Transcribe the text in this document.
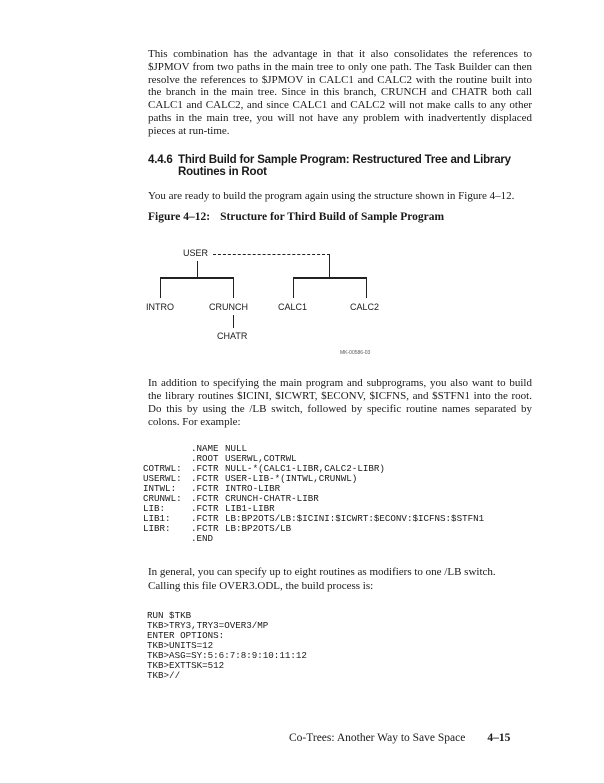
This combination has the advantage in that it also consolidates the references to $JPMOV from two paths in the main tree to only one path. The Task Builder can then resolve the references to $JPMOV in CALC1 and CALC2 with the routine built into the branch in the main tree. Since in this branch, CRUNCH and CHATR both call CALC1 and CALC2, and since CALC1 and CALC2 will not make calls to any other paths in the main tree, you will not have any problem with inadvertently displaced pieces at run-time.
4.4.6 Third Build for Sample Program: Restructured Tree and Library
Routines in Root
You are ready to build the program again using the structure shown in Figure 4–12.
Figure 4–12: Structure for Third Build of Sample Program
USER
INTRO	CRUNCH	CALC1	CALC2
CHATR
MK-00586-03
In addition to specifying the main program and subprograms, you also want to build the library routines $ICINI, $ICWRT, $ECONV, $ICFNS, and $STFN1 into the root. Do this by using the /LB switch, followed by specific routine names separated by colons. For example:
.NAME NULL
.ROOT USERWL,COTRWL
COTRWL:	.FCTR NULL-*(CALC1-LIBR,CALC2-LIBR)
USERWL:	.FCTR USER-LIB-*(INTWL,CRUNWL)
INTWL:	.FCTR INTRO-LIBR
CRUNWL:	.FCTR CRUNCH-CHATR-LIBR
LIB:	.FCTR LIB1-LIBR
LIB1:	.FCTR LB:BP2OTS/LB:$ICINI:$ICWRT:$ECONV:$ICFNS:$STFN1
LIBR:	.FCTR LB:BP2OTS/LB
.END
In general, you can specify up to eight routines as modifiers to one /LB switch.
Calling this file OVER3.ODL, the build process is:
RUN $TKB
TKB>TRY3,TRY3=OVER3/MP
ENTER OPTIONS:
TKB>UNITS=12
TKB>ASG=SY:5:6:7:8:9:10:11:12
TKB>EXTTSK=512
TKB>//
Co-Trees: Another Way to Save Space 4–15
